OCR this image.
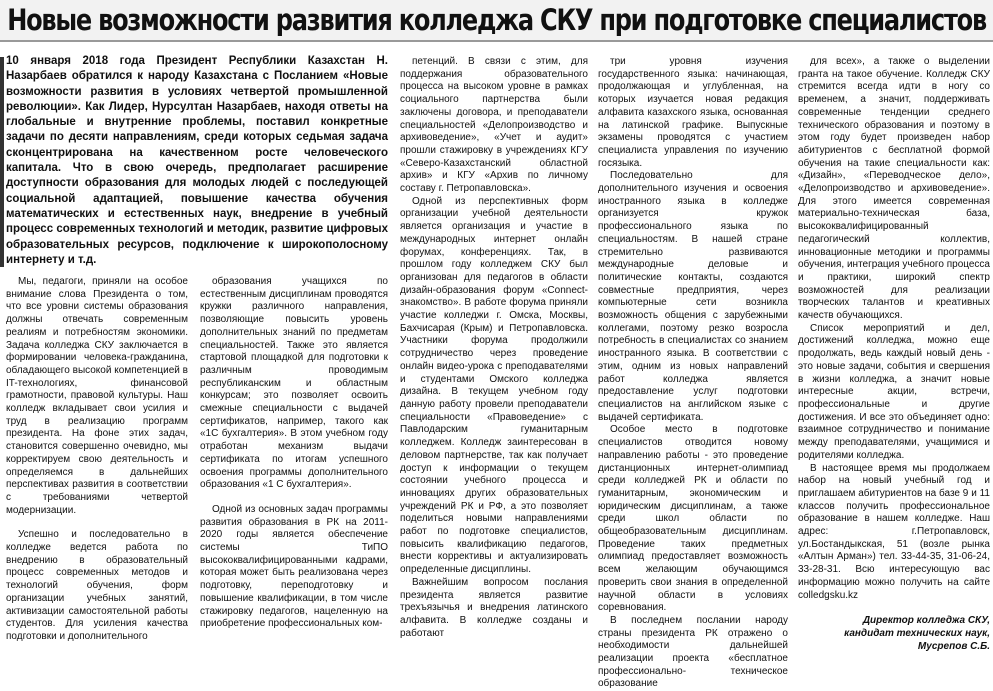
Новые возможности развития колледжа СКУ при подготовке специалистов
10 января 2018 года Президент Республики Казахстан Н. Назарбаев обратился к народу Казахстана с Посланием «Новые возможности развития в условиях четвертой промышленной революции». Как Лидер, Нурсултан Назарбаев, находя ответы на глобальные и внутренние проблемы, поставил конкретные задачи по десяти направлениям, среди которых седьмая задача сконцентрирована на качественном росте человеческого капитала. Что в свою очередь, предполагает расширение доступности образования для молодых людей с последующей социальной адаптацией, повышение качества обучения математических и естественных наук, внедрение в учебный процесс современных технологий и методик, развитие цифровых образовательных ресурсов, подключение к широкополосному интернету и т.д.

Мы, педагоги, приняли на особое внимание слова Президента о том, что все уровни системы образования должны отвечать современным реалиям и потребностям экономики. Задача колледжа СКУ заключается в формировании человека-гражданина, обладающего высокой компетенцией в IT-технологиях, финансовой грамотности, правовой культуры. Наш колледж вкладывает свои усилия и труд в реализацию программ президента. На фоне этих задач, становится совершенно очевидно, мы корректируем свою деятельность и определяемся в дальнейших перспективах развития в соответствии с требованиями четвертой модернизации.

Успешно и последовательно в колледже ведется работа по внедрению в образовательный процесс современных методов и технологий обучения, форм организации учебных занятий, активизации самостоятельной работы студентов. Для усиления качества подготовки и дополнительного

образования учащихся по естественным дисциплинам проводятся кружки различного направления, позволяющие повысить уровень дополнительных знаний по предметам специальностей. Также это является стартовой площадкой для подготовки к различным проводимым республиканским и областным конкурсам; это позволяет освоить смежные специальности с выдачей сертификатов, например, такого как «1С бухгалтерия». В этом учебном году отработан механизм выдачи сертификата по итогам успешного освоения программы дополнительного образования «1 С бухгалтерия».

Одной из основных задач программы развития образования в РК на 2011- 2020 годы является обеспечение системы ТиПО высококвалифицированными кадрами, которая может быть реализована через подготовку, переподготовку и повышение квалификации, в том числе стажировку педагогов, нацеленную на приобретение профессиональных ком-

петенций. В связи с этим, для поддержания образовательного процесса на высоком уровне в рамках социального партнерства были заключены договора, и преподаватели специальностей «Делопроизводство и архивоведение», «Учет и аудит» прошли стажировку в учреждениях КГУ «Северо-Казахстанский областной архив» и КГУ «Архив по личному составу г. Петропавловска».

Одной из перспективных форм организации учебной деятельности является организация и участие в международных интернет онлайн форумах, конференциях. Так, в прошлом году колледжем СКУ был организован для педагогов в области дизайн-образования форум «Connect-знакомство». В работе форума приняли участие колледжи г. Омска, Москвы, Бахчисарая (Крым) и Петропавловска. Участники форума продолжили сотрудничество через проведение онлайн видео-урока с преподавателями и студентами Омского колледжа дизайна. В текущем учебном году данную работу провели преподаватели специальности «Правоведение» с Павлодарским гуманитарным колледжем. Колледж заинтересован в деловом партнерстве, так как получает доступ к информации о текущем состоянии учебного процесса и инновациях других образовательных учреждений РК и РФ, а это позволяет поделиться новыми направлениями работ по подготовке специалистов, повысить квалификацию педагогов, внести коррективы и актуализировать определенные дисциплины.

Важнейшим вопросом послания президента является развитие трехъязычья и внедрения латинского алфавита. В колледже созданы и работают

три уровня изучения государственного языка: начинающая, продолжающая и углубленная, на которых изучается новая редакция алфавита казахского языка, основанная на латинской графике. Выпускные экзамены проводятся с участием специалиста управления по изучению госязыка.

Последовательно для дополнительного изучения и освоения иностранного языка в колледже организуется кружок профессионального языка по специальностям. В нашей стране стремительно развиваются международные деловые и политические контакты, создаются совместные предприятия, через компьютерные сети возникла возможность общения с зарубежными коллегами, поэтому резко возросла потребность в специалистах со знанием иностранного языка. В соответствии с этим, одним из новых направлений работ колледжа является предоставление услуг подготовки специалистов на английском языке с выдачей сертификата.

Особое место в подготовке специалистов отводится новому направлению работы - это проведение дистанционных интернет-олимпиад среди колледжей РК и области по гуманитарным, экономическим и юридическим дисциплинам, а также среди школ области по общеобразовательным дисциплинам. Проведение таких предметных олимпиад предоставляет возможность всем желающим обучающимся проверить свои знания в определенной научной области в условиях соревнования.

В последнем послании народу страны президента РК отражено о необходимости дальнейшей реализации проекта «бесплатное профессионально- техническое образование

для всех», а также о выделении гранта на такое обучение. Колледж СКУ стремится всегда идти в ногу со временем, а значит, поддерживать современные тенденции среднего технического образования и поэтому в этом году будет произведен набор абитуриентов с бесплатной формой обучения на такие специальности как: «Дизайн», «Переводческое дело», «Делопроизводство и архивоведение». Для этого имеется современная материально-техническая база, высококвалифицированный педагогический коллектив, инновационные методики и программы обучения, интеграция учебного процесса и практики, широкий спектр возможностей для реализации творческих талантов и креативных качеств обучающихся.

Список мероприятий и дел, достижений колледжа, можно еще продолжать, ведь каждый новый день - это новые задачи, события и свершения в жизни колледжа, а значит новые интересные акции, встречи, профессиональные и другие достижения. И все это объединяет одно: взаимное сотрудничество и понимание между преподавателями, учащимися и родителями колледжа.

В настоящее время мы продолжаем набор на новый учебный год и приглашаем абитуриентов на базе 9 и 11 классов получить профессиональное образование в нашем колледже. Наш адрес: г.Петропавловск, ул.Бостандыкская, 51 (возле рынка «Алтын Арман») тел. 33-44-35, 31-06-24, 33-28-31. Всю интересующую вас информацию можно получить на сайте colledgsku.kz

Директор колледжа СКУ,
кандидат технических наук,
Мусрепов С.Б.
